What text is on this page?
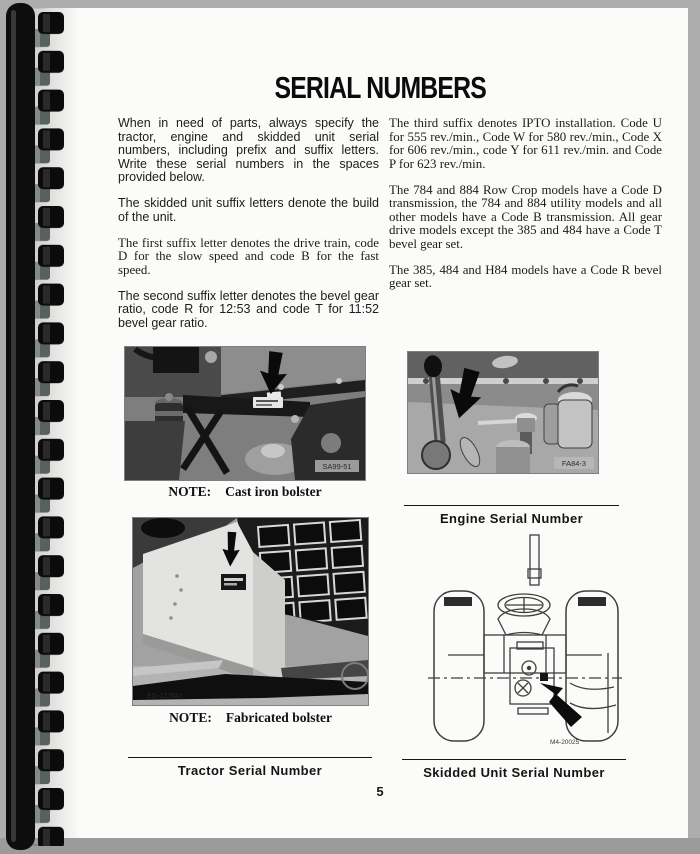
SERIAL NUMBERS

When in need of parts, always specify the tractor, engine and skidded unit serial numbers, including prefix and suffix letters. Write these serial numbers in the spaces provided below.

The skidded unit suffix letters denote the build of the unit.

The first suffix letter denotes the drive train, code D for the slow speed and code B for the fast speed.

The second suffix letter denotes the bevel gear ratio, code R for 12:53 and code T for 11:52 bevel gear ratio.

The third suffix denotes IPTO installation. Code U for 555 rev./min., Code W for 580 rev./min., Code X for 606 rev./min., code Y for 611 rev./min. and Code P for 623 rev./min.

The 784 and 884 Row Crop models have a Code D transmission, the 784 and 884 utility models and all other models have a Code B transmission. All gear drive models except the 385 and 484 have a Code T bevel gear set.

The 385, 484 and H84 models have a Code R bevel gear set.

SA99-51
NOTE: Cast iron bolster
FA84-3
Engine Serial Number
EG-127641
NOTE: Fabricated bolster
M4-20025
Tractor Serial Number	Skidded Unit Serial Number
5
